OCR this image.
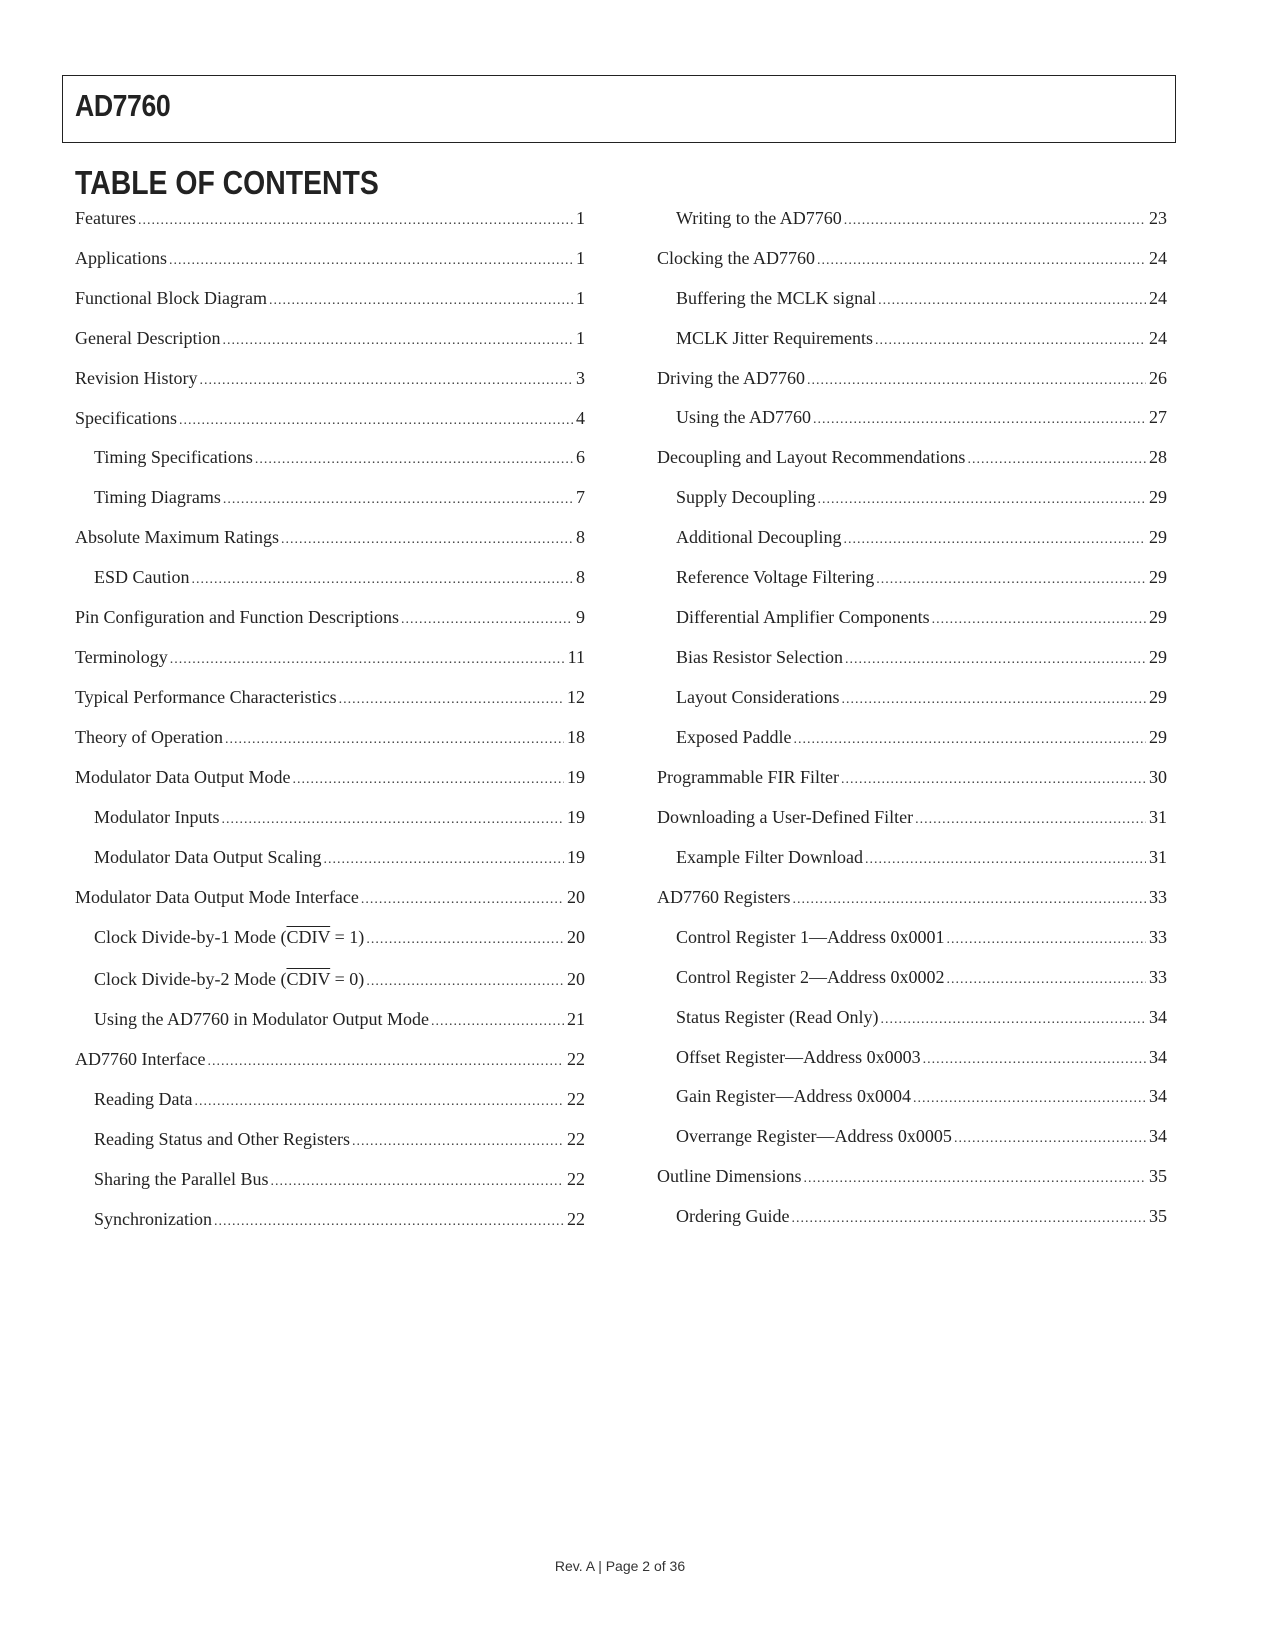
AD7760
TABLE OF CONTENTS
Features .....	1
Applications .....	1
Functional Block Diagram .....	1
General Description .....	1
Revision History .....	3
Specifications .....	4
Timing Specifications .....	6
Timing Diagrams .....	7
Absolute Maximum Ratings .....	8
ESD Caution .....	8
Pin Configuration and Function Descriptions .....	9
Terminology .....	11
Typical Performance Characteristics .....	12
Theory of Operation .....	18
Modulator Data Output Mode .....	19
Modulator Inputs .....	19
Modulator Data Output Scaling .....	19
Modulator Data Output Mode Interface .....	20
Clock Divide-by-1 Mode (CDIV = 1) .....	20
Clock Divide-by-2 Mode (CDIV = 0) .....	20
Using the AD7760 in Modulator Output Mode .....	21
AD7760 Interface .....	22
Reading Data .....	22
Reading Status and Other Registers .....	22
Sharing the Parallel Bus .....	22
Synchronization .....	22
Writing to the AD7760 .....	23
Clocking the AD7760 .....	24
Buffering the MCLK signal .....	24
MCLK Jitter Requirements .....	24
Driving the AD7760 .....	26
Using the AD7760 .....	27
Decoupling and Layout Recommendations .....	28
Supply Decoupling .....	29
Additional Decoupling .....	29
Reference Voltage Filtering .....	29
Differential Amplifier Components .....	29
Bias Resistor Selection .....	29
Layout Considerations .....	29
Exposed Paddle .....	29
Programmable FIR Filter .....	30
Downloading a User-Defined Filter .....	31
Example Filter Download .....	31
AD7760 Registers .....	33
Control Register 1—Address 0x0001 .....	33
Control Register 2—Address 0x0002 .....	33
Status Register (Read Only) .....	34
Offset Register—Address 0x0003 .....	34
Gain Register—Address 0x0004 .....	34
Overrange Register—Address 0x0005 .....	34
Outline Dimensions .....	35
Ordering Guide .....	35
Rev. A | Page 2 of 36
